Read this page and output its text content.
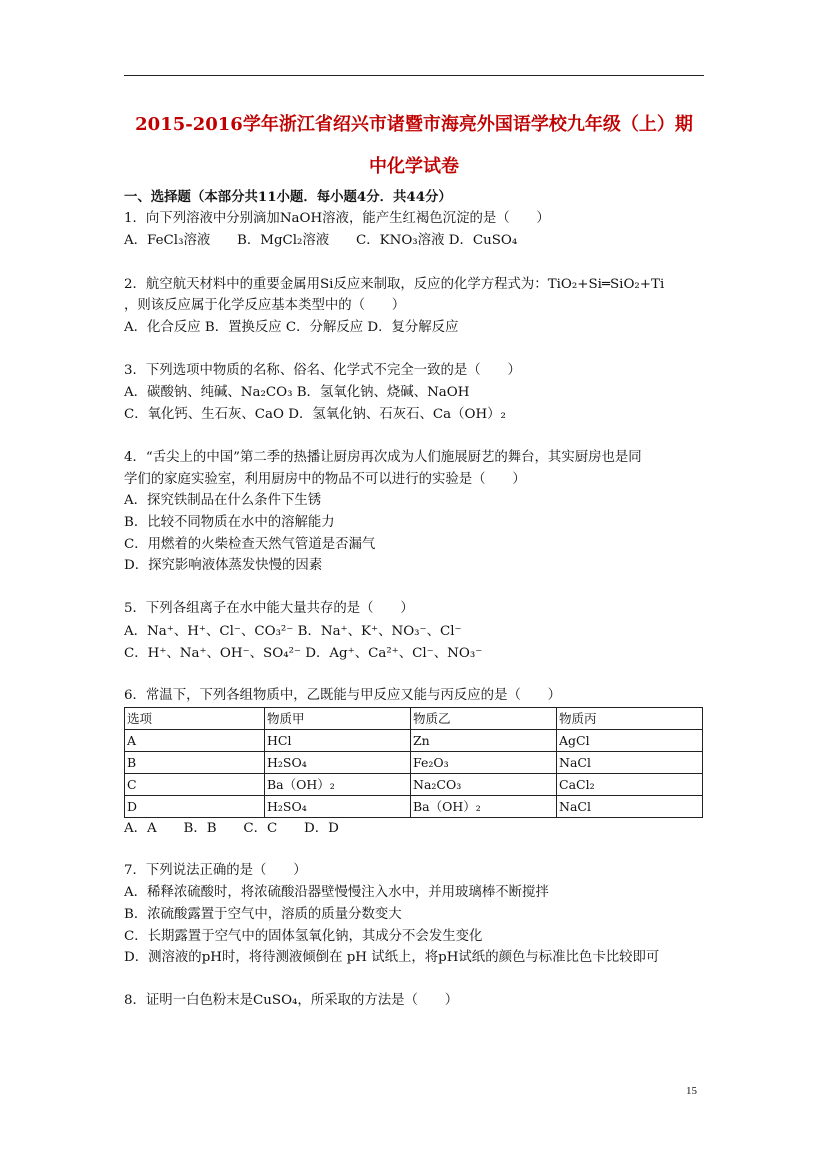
2015-2016学年浙江省绍兴市诸暨市海亮外国语学校九年级（上）期
中化学试卷
一、选择题（本部分共11小题．每小题4分．共44分）
1．向下列溶液中分别滴加NaOH溶液，能产生红褐色沉淀的是（　　）
A．FeCl₃溶液　　B．MgCl₂溶液　　C．KNO₃溶液 D．CuSO₄
2．航空航天材料中的重要金属用Si反应来制取，反应的化学方程式为：TiO₂+Si═SiO₂+Ti
，则该反应属于化学反应基本类型中的（　　）
A．化合反应 B．置换反应 C．分解反应 D．复分解反应
3．下列选项中物质的名称、俗名、化学式不完全一致的是（　　）
A．碳酸钠、纯碱、Na₂CO₃ B．氢氧化钠、烧碱、NaOH
C．氧化钙、生石灰、CaO D．氢氧化钠、石灰石、Ca（OH）₂
4．“舌尖上的中国”第二季的热播让厨房再次成为人们施展厨艺的舞台，其实厨房也是同
学们的家庭实验室，利用厨房中的物品不可以进行的实验是（　　）
A．探究铁制品在什么条件下生锈
B．比较不同物质在水中的溶解能力
C．用燃着的火柴检查天然气管道是否漏气
D．探究影响液体蒸发快慢的因素
5．下列各组离子在水中能大量共存的是（　　）
A．Na⁺、H⁺、Cl⁻、CO₃²⁻ B．Na⁺、K⁺、NO₃⁻、Cl⁻
C．H⁺、Na⁺、OH⁻、SO₄²⁻ D．Ag⁺、Ca²⁺、Cl⁻、NO₃⁻
6．常温下，下列各组物质中，乙既能与甲反应又能与丙反应的是（　　）
选项	物质甲	物质乙	物质丙
A	HCl	Zn	AgCl
B	H₂SO₄	Fe₂O₃	NaCl
C	Ba（OH）₂	Na₂CO₃	CaCl₂
D	H₂SO₄	Ba（OH）₂	NaCl
A．A　　B．B　　C．C　　D．D
7．下列说法正确的是（　　）
A．稀释浓硫酸时，将浓硫酸沿器壁慢慢注入水中，并用玻璃棒不断搅拌
B．浓硫酸露置于空气中，溶质的质量分数变大
C．长期露置于空气中的固体氢氧化钠，其成分不会发生变化
D．测溶液的pH时，将待测液倾倒在 pH 试纸上，将pH试纸的颜色与标准比色卡比较即可
8．证明一白色粉末是CuSO₄，所采取的方法是（　　）
15
